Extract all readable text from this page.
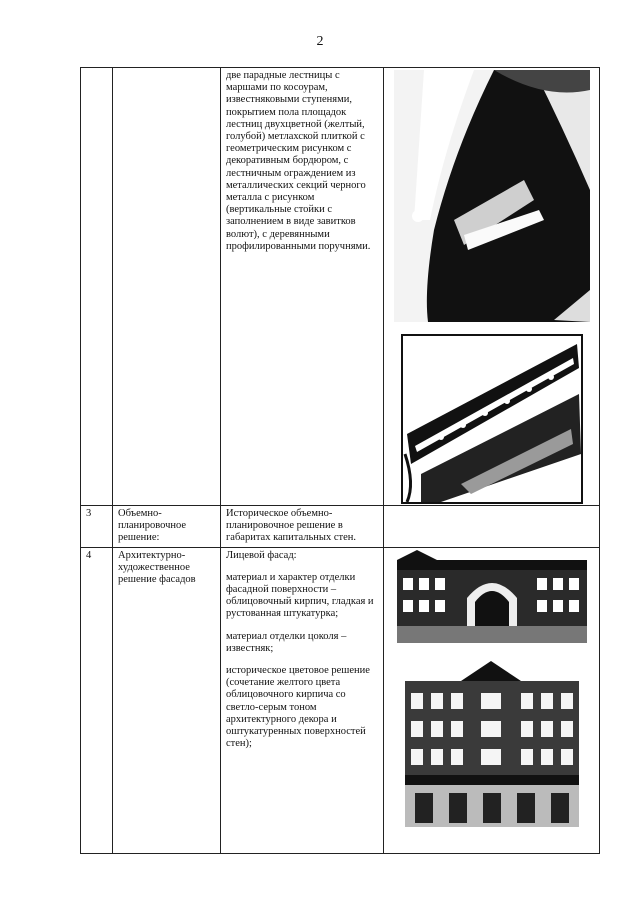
2

		две парадные лестницы с маршами по косоурам, известняковыми ступенями, покрытием пола площадок лестниц двухцветной (желтый, голубой) метлахской плиткой с геометрическим рисунком с декоративным бордюром, с лестничным ограждением из металлических секций черного металла с рисунком (вертикальные стойки с заполнением в виде завитков волют), с деревянными профилированными поручнями.

3	Объемно-планировочное решение:	Историческое объемно-планировочное решение в габаритах капитальных стен.	

4	Архитектурно-художественное решение фасадов	Лицевой фасад:

материал и характер отделки фасадной поверхности – облицовочный кирпич, гладкая и рустованная штукатурка;

материал отделки цоколя – известняк;

историческое цветовое решение (сочетание желтого цвета облицовочного кирпича со светло-серым тоном архитектурного декора и оштукатуренных поверхностей стен);
